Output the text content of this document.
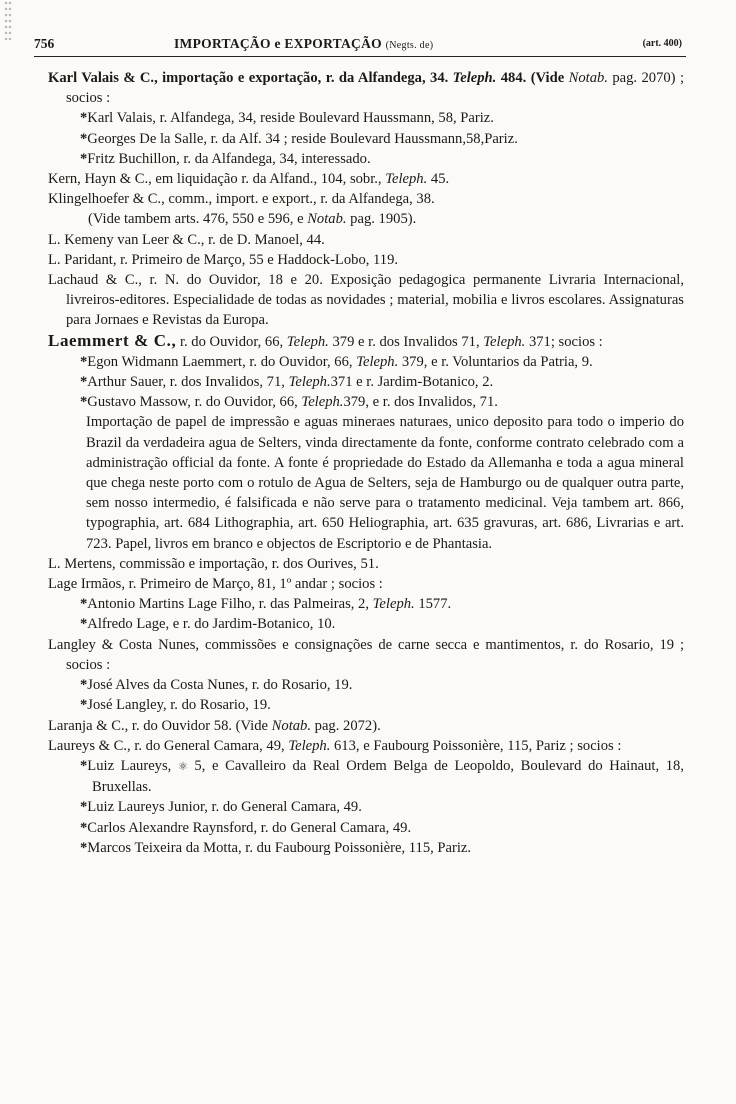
756	IMPORTAÇÃO e EXPORTAÇÃO (Negts. de)	(art. 400)

Karl Valais & C., importação e exportação, r. da Alfandega, 34. Teleph. 484. (Vide Notab. pag. 2070) ; socios :

*Karl Valais, r. Alfandega, 34, reside Boulevard Haussmann, 58, Pariz.

*Georges De la Salle, r. da Alf. 34 ; reside Boulevard Haussmann,58,Pariz.

*Fritz Buchillon, r. da Alfandega, 34, interessado.

Kern, Hayn & C., em liquidação r. da Alfand., 104, sobr., Teleph. 45.

Klingelhoefer & C., comm., import. e export., r. da Alfandega, 38.
(Vide tambem arts. 476, 550 e 596, e Notab. pag. 1905).

L. Kemeny van Leer & C., r. de D. Manoel, 44.

L. Paridant, r. Primeiro de Março, 55 e Haddock-Lobo, 119.

Lachaud & C., r. N. do Ouvidor, 18 e 20. Exposição pedagogica permanente Livraria Internacional, livreiros-editores. Especialidade de todas as novidades ; material, mobilia e livros escolares. Assignaturas para Jornaes e Revistas da Europa.

Laemmert & C., r. do Ouvidor, 66, Teleph. 379 e r. dos Invalidos 71, Teleph. 371; socios :

*Egon Widmann Laemmert, r. do Ouvidor, 66, Teleph. 379, e r. Voluntarios da Patria, 9.

*Arthur Sauer, r. dos Invalidos, 71, Teleph.371 e r. Jardim-Botanico, 2.

*Gustavo Massow, r. do Ouvidor, 66, Teleph.379, e r. dos Invalidos, 71.

Importação de papel de impressão e aguas mineraes naturaes, unico deposito para todo o imperio do Brazil da verdadeira agua de Selters, vinda directamente da fonte, conforme contrato celebrado com a administração official da fonte. A fonte é propriedade do Estado da Allemanha e toda a agua mineral que chega neste porto com o rotulo de Agua de Selters, seja de Hamburgo ou de qualquer outra parte, sem nosso intermedio, é falsificada e não serve para o tratamento medicinal. Veja tambem art. 866, typographia, art. 684 Lithographia, art. 650 Heliographia, art. 635 gravuras, art. 686, Livrarias e art. 723. Papel, livros em branco e objectos de Escriptorio e de Phantasia.

L. Mertens, commissão e importação, r. dos Ourives, 51.

Lage Irmãos, r. Primeiro de Março, 81, 1º andar ; socios :

*Antonio Martins Lage Filho, r. das Palmeiras, 2, Teleph. 1577.

*Alfredo Lage, e r. do Jardim-Botanico, 10.

Langley & Costa Nunes, commissões e consignações de carne secca e mantimentos, r. do Rosario, 19 ; socios :

*José Alves da Costa Nunes, r. do Rosario, 19.

*José Langley, r. do Rosario, 19.

Laranja & C., r. do Ouvidor 58. (Vide Notab. pag. 2072).

Laureys & C., r. do General Camara, 49, Teleph. 613, e Faubourg Poissonière, 115, Pariz ; socios :

*Luiz Laureys, ⚛ 5, e Cavalleiro da Real Ordem Belga de Leopoldo, Boulevard do Hainaut, 18, Bruxellas.

*Luiz Laureys Junior, r. do General Camara, 49.

*Carlos Alexandre Raynsford, r. do General Camara, 49.

*Marcos Teixeira da Motta, r. du Faubourg Poissonière, 115, Pariz.
